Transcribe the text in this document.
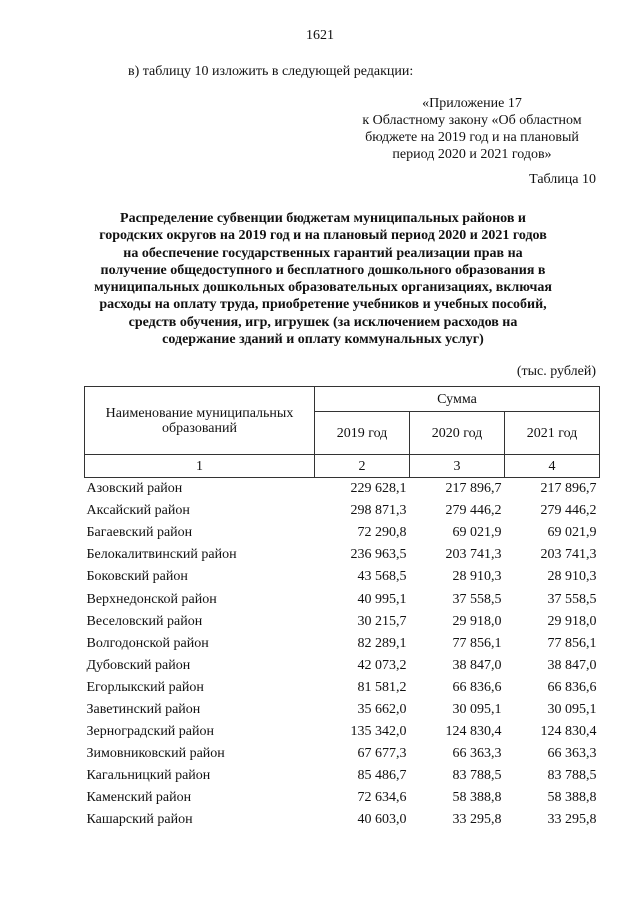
1621
в) таблицу 10 изложить в следующей редакции:
«Приложение 17
к Областному закону «Об областном
бюджете на 2019 год и на плановый
период 2020 и 2021 годов»
Таблица 10
Распределение субвенции бюджетам муниципальных районов и
городских округов на 2019 год и на плановый период 2020 и 2021 годов
на обеспечение государственных гарантий реализации прав на
получение общедоступного и бесплатного дошкольного образования в
муниципальных дошкольных образовательных организациях, включая
расходы на оплату труда, приобретение учебников и учебных пособий,
средств обучения, игр, игрушек (за исключением расходов на
содержание зданий и оплату коммунальных услуг)
(тыс. рублей)
Наименование муниципальных образований	Сумма		
	2019 год	2020 год	2021 год
1	2	3	4
Азовский район	229 628,1	217 896,7	217 896,7
Аксайский район	298 871,3	279 446,2	279 446,2
Багаевский район	72 290,8	69 021,9	69 021,9
Белокалитвинский район	236 963,5	203 741,3	203 741,3
Боковский район	43 568,5	28 910,3	28 910,3
Верхнедонской район	40 995,1	37 558,5	37 558,5
Веселовский район	30 215,7	29 918,0	29 918,0
Волгодонской район	82 289,1	77 856,1	77 856,1
Дубовский район	42 073,2	38 847,0	38 847,0
Егорлыкский район	81 581,2	66 836,6	66 836,6
Заветинский район	35 662,0	30 095,1	30 095,1
Зерноградский район	135 342,0	124 830,4	124 830,4
Зимовниковский район	67 677,3	66 363,3	66 363,3
Кагальницкий район	85 486,7	83 788,5	83 788,5
Каменский район	72 634,6	58 388,8	58 388,8
Кашарский район	40 603,0	33 295,8	33 295,8
